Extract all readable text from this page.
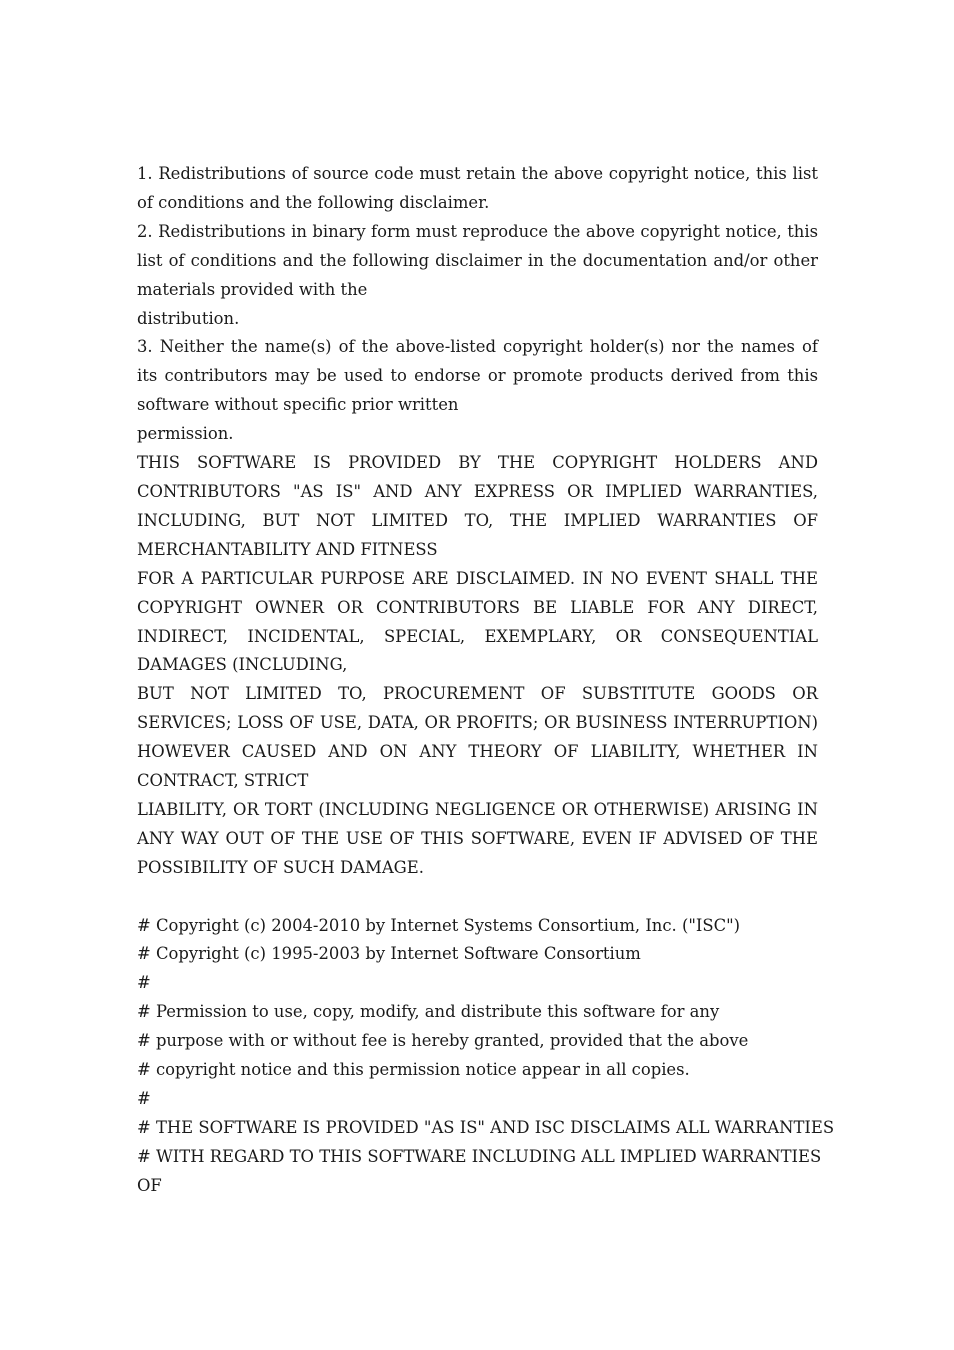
1. Redistributions of source code must retain the above copyright notice, this list of conditions and the following disclaimer.

2. Redistributions in binary form must reproduce the above copyright notice, this list of conditions and the following disclaimer in the documentation and/or other materials provided with the

distribution.

3. Neither the name(s) of the above-listed copyright holder(s) nor the names of its contributors may be used to endorse or promote products derived from this software without specific prior written

permission.

THIS SOFTWARE IS PROVIDED BY THE COPYRIGHT HOLDERS AND CONTRIBUTORS "AS IS" AND ANY EXPRESS OR IMPLIED WARRANTIES, INCLUDING, BUT NOT LIMITED TO, THE IMPLIED WARRANTIES OF MERCHANTABILITY AND FITNESS

FOR A PARTICULAR PURPOSE ARE DISCLAIMED. IN NO EVENT SHALL THE COPYRIGHT OWNER OR CONTRIBUTORS BE LIABLE FOR ANY DIRECT, INDIRECT, INCIDENTAL, SPECIAL, EXEMPLARY, OR CONSEQUENTIAL DAMAGES (INCLUDING,

BUT NOT LIMITED TO, PROCUREMENT OF SUBSTITUTE GOODS OR SERVICES; LOSS OF USE, DATA, OR PROFITS; OR BUSINESS INTERRUPTION) HOWEVER CAUSED AND ON ANY THEORY OF LIABILITY, WHETHER IN CONTRACT, STRICT

LIABILITY, OR TORT (INCLUDING NEGLIGENCE OR OTHERWISE) ARISING IN ANY WAY OUT OF THE USE OF THIS SOFTWARE, EVEN IF ADVISED OF THE POSSIBILITY OF SUCH DAMAGE.

# Copyright (c) 2004-2010 by Internet Systems Consortium, Inc. ("ISC")

# Copyright (c) 1995-2003 by Internet Software Consortium

#

# Permission to use, copy, modify, and distribute this software for any

# purpose with or without fee is hereby granted, provided that the above

# copyright notice and this permission notice appear in all copies.

#

# THE SOFTWARE IS PROVIDED "AS IS" AND ISC DISCLAIMS ALL WARRANTIES

# WITH REGARD TO THIS SOFTWARE INCLUDING ALL IMPLIED WARRANTIES

OF
